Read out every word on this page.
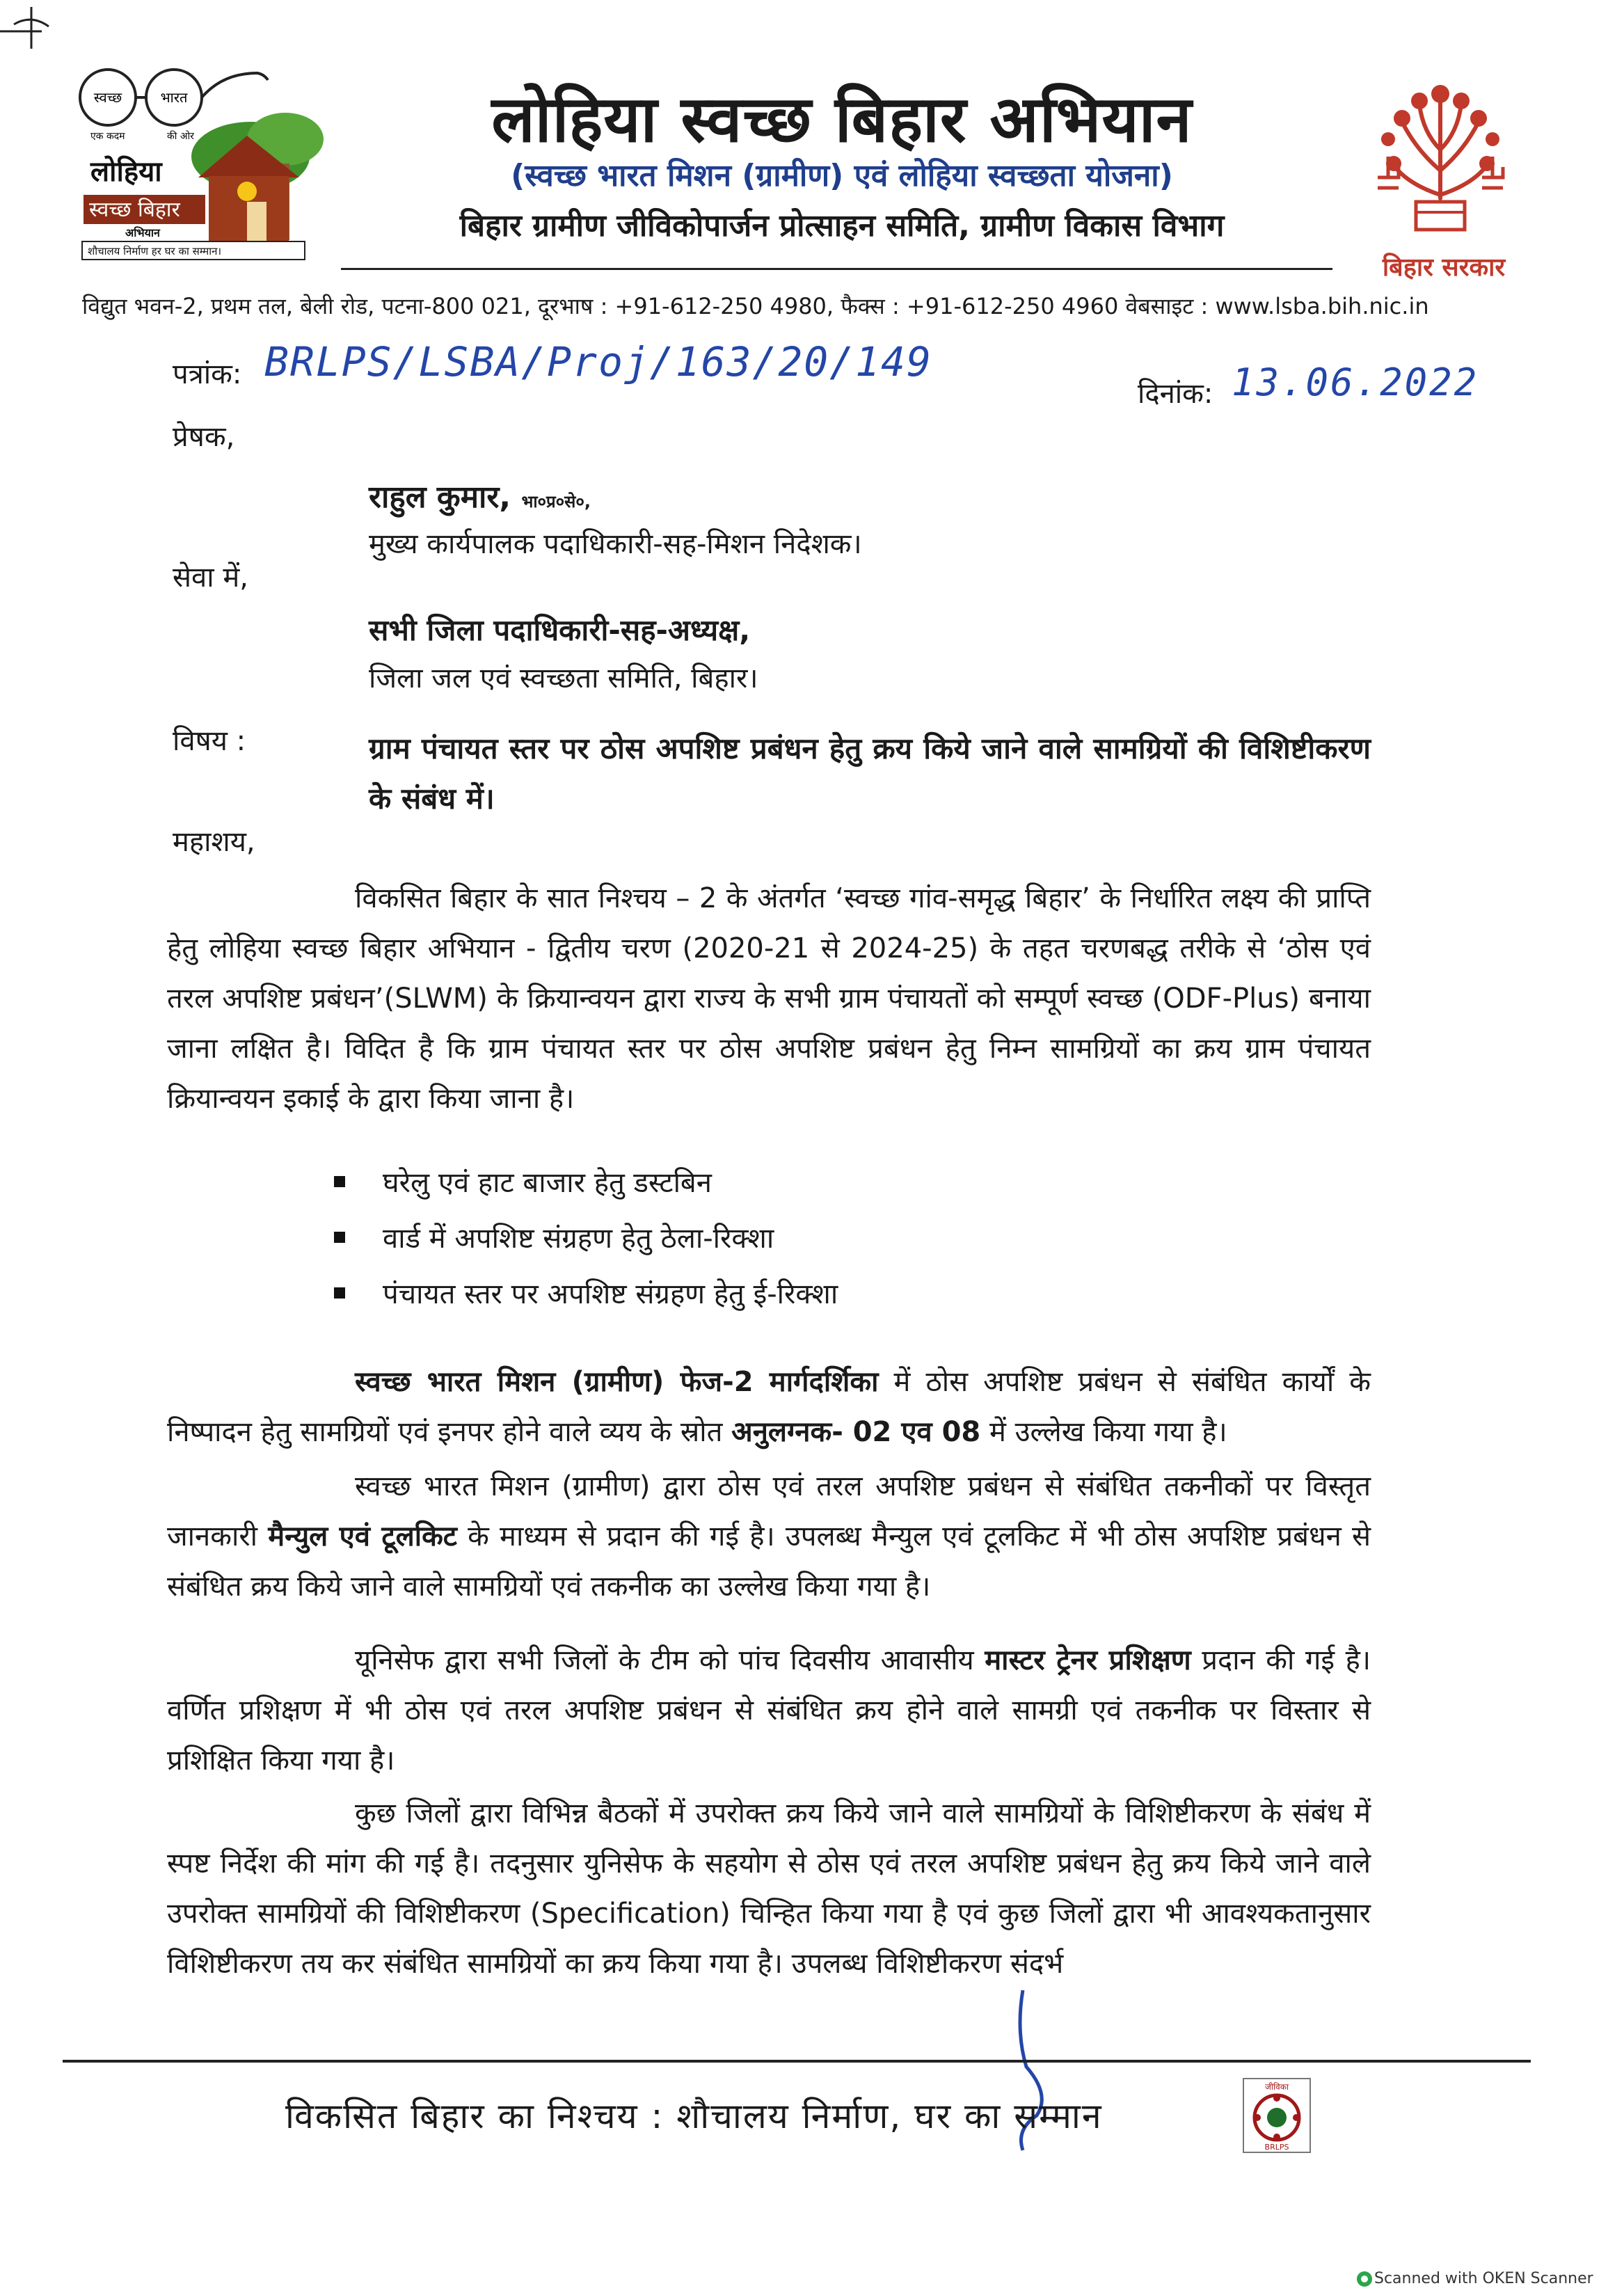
स्वच्छ	भारत
एक कदम	की ओर
लोहिया
स्वच्छ बिहार
अभियान
शौचालय निर्माण हर घर का सम्मान।
लोहिया स्वच्छ बिहार अभियान
(स्वच्छ भारत मिशन (ग्रामीण) एवं लोहिया स्वच्छता योजना)
बिहार ग्रामीण जीविकोपार्जन प्रोत्साहन समिति, ग्रामीण विकास विभाग
बिहार सरकार
विद्युत भवन-2, प्रथम तल, बेली रोड, पटना-800 021, दूरभाष : +91-612-250 4980, फैक्स : +91-612-250 4960 वेबसाइट : www.lsba.bih.nic.in
पत्रांक: BRLPS/LSBA/Proj/163/20/149
दिनांक: 13.06.2022
प्रेषक,
राहुल कुमार, भा०प्र०से०,
मुख्य कार्यपालक पदाधिकारी-सह-मिशन निदेशक।
सेवा में,
सभी जिला पदाधिकारी-सह-अध्यक्ष,
जिला जल एवं स्वच्छता समिति, बिहार।
विषय :	ग्राम पंचायत स्तर पर ठोस अपशिष्ट प्रबंधन हेतु क्रय किये जाने वाले सामग्रियों की विशिष्टीकरण के संबंध में।
महाशय,
विकसित बिहार के सात निश्चय – 2 के अंतर्गत ‘स्वच्छ गांव-समृद्ध बिहार’ के निर्धारित लक्ष्य की प्राप्ति हेतु लोहिया स्वच्छ बिहार अभियान - द्वितीय चरण (2020-21 से 2024-25) के तहत चरणबद्ध तरीके से ‘ठोस एवं तरल अपशिष्ट प्रबंधन’(SLWM) के क्रियान्वयन द्वारा राज्य के सभी ग्राम पंचायतों को सम्पूर्ण स्वच्छ (ODF-Plus) बनाया जाना लक्षित है। विदित है कि ग्राम पंचायत स्तर पर ठोस अपशिष्ट प्रबंधन हेतु निम्न सामग्रियों का क्रय ग्राम पंचायत क्रियान्वयन इकाई के द्वारा किया जाना है।
घरेलु एवं हाट बाजार हेतु डस्टबिन
वार्ड में अपशिष्ट संग्रहण हेतु ठेला-रिक्शा
पंचायत स्तर पर अपशिष्ट संग्रहण हेतु ई-रिक्शा
स्वच्छ भारत मिशन (ग्रामीण) फेज-2 मार्गदर्शिका में ठोस अपशिष्ट प्रबंधन से संबंधित कार्यों के निष्पादन हेतु सामग्रियों एवं इनपर होने वाले व्यय के स्रोत अनुलग्नक- 02 एव 08 में उल्लेख किया गया है।
स्वच्छ भारत मिशन (ग्रामीण) द्वारा ठोस एवं तरल अपशिष्ट प्रबंधन से संबंधित तकनीकों पर विस्तृत जानकारी मैन्युल एवं टूलकिट के माध्यम से प्रदान की गई है। उपलब्ध मैन्युल एवं टूलकिट में भी ठोस अपशिष्ट प्रबंधन से संबंधित क्रय किये जाने वाले सामग्रियों एवं तकनीक का उल्लेख किया गया है।
यूनिसेफ द्वारा सभी जिलों के टीम को पांच दिवसीय आवासीय मास्टर ट्रेनर प्रशिक्षण प्रदान की गई है। वर्णित प्रशिक्षण में भी ठोस एवं तरल अपशिष्ट प्रबंधन से संबंधित क्रय होने वाले सामग्री एवं तकनीक पर विस्तार से प्रशिक्षित किया गया है।
कुछ जिलों द्वारा विभिन्न बैठकों में उपरोक्त क्रय किये जाने वाले सामग्रियों के विशिष्टीकरण के संबंध में स्पष्ट निर्देश की मांग की गई है। तदनुसार युनिसेफ के सहयोग से ठोस एवं तरल अपशिष्ट प्रबंधन हेतु क्रय किये जाने वाले उपरोक्त सामग्रियों की विशिष्टीकरण (Specification) चिन्हित किया गया है एवं कुछ जिलों द्वारा भी आवश्यकतानुसार विशिष्टीकरण तय कर संबंधित सामग्रियों का क्रय किया गया है। उपलब्ध विशिष्टीकरण संदर्भ
विकसित बिहार का निश्चय : शौचालय निर्माण, घर का सम्मान
जीविका
BRLPS
Scanned with OKEN Scanner
